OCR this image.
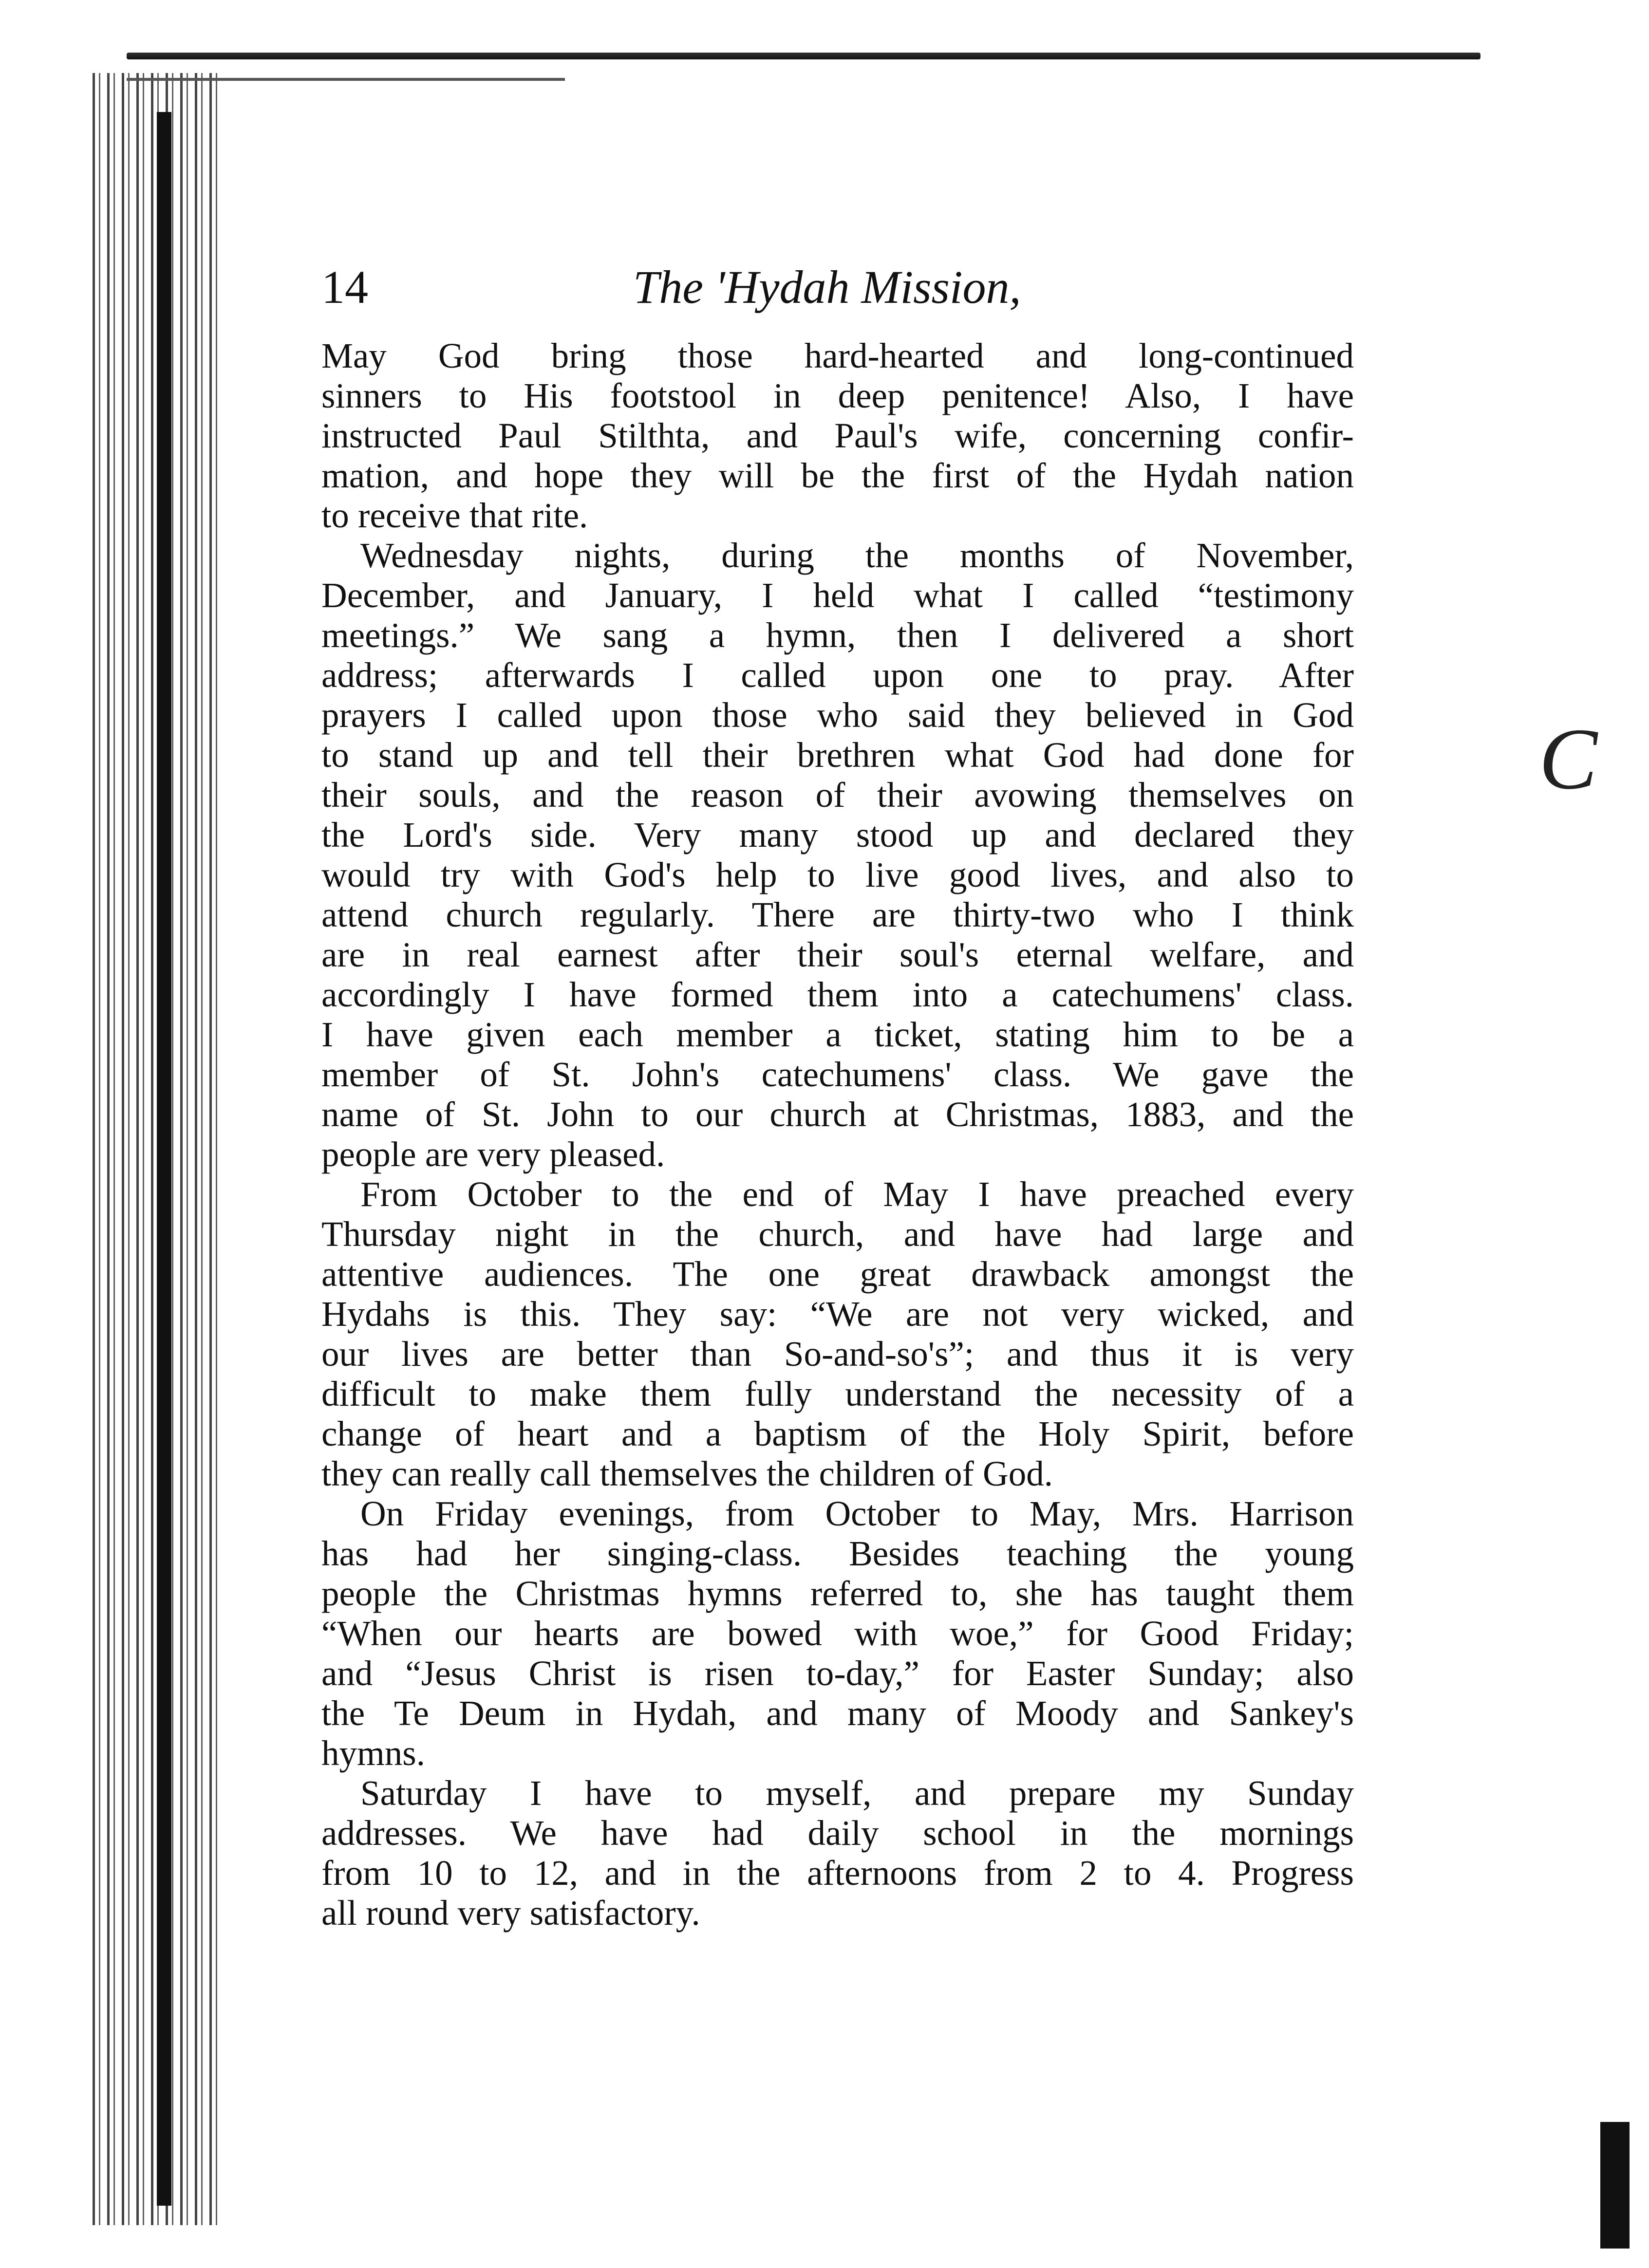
C
14	The 'Hydah Mission,

May God bring those hard-hearted and long-continued
sinners to His footstool in deep penitence! Also, I have
instructed Paul Stilthta, and Paul's wife, concerning confir-
mation, and hope they will be the first of the Hydah nation
to receive that rite.

Wednesday nights, during the months of November,
December, and January, I held what I called “testimony
meetings.” We sang a hymn, then I delivered a short
address; afterwards I called upon one to pray. After
prayers I called upon those who said they believed in God
to stand up and tell their brethren what God had done for
their souls, and the reason of their avowing themselves on
the Lord's side. Very many stood up and declared they
would try with God's help to live good lives, and also to
attend church regularly. There are thirty-two who I think
are in real earnest after their soul's eternal welfare, and
accordingly I have formed them into a catechumens' class.
I have given each member a ticket, stating him to be a
member of St. John's catechumens' class. We gave the
name of St. John to our church at Christmas, 1883, and the
people are very pleased.

From October to the end of May I have preached every
Thursday night in the church, and have had large and
attentive audiences. The one great drawback amongst the
Hydahs is this. They say: “We are not very wicked, and
our lives are better than So-and-so's”; and thus it is very
difficult to make them fully understand the necessity of a
change of heart and a baptism of the Holy Spirit, before
they can really call themselves the children of God.

On Friday evenings, from October to May, Mrs. Harrison
has had her singing-class. Besides teaching the young
people the Christmas hymns referred to, she has taught them
“When our hearts are bowed with woe,” for Good Friday;
and “Jesus Christ is risen to-day,” for Easter Sunday; also
the Te Deum in Hydah, and many of Moody and Sankey's
hymns.

Saturday I have to myself, and prepare my Sunday
addresses. We have had daily school in the mornings
from 10 to 12, and in the afternoons from 2 to 4. Progress
all round very satisfactory.
